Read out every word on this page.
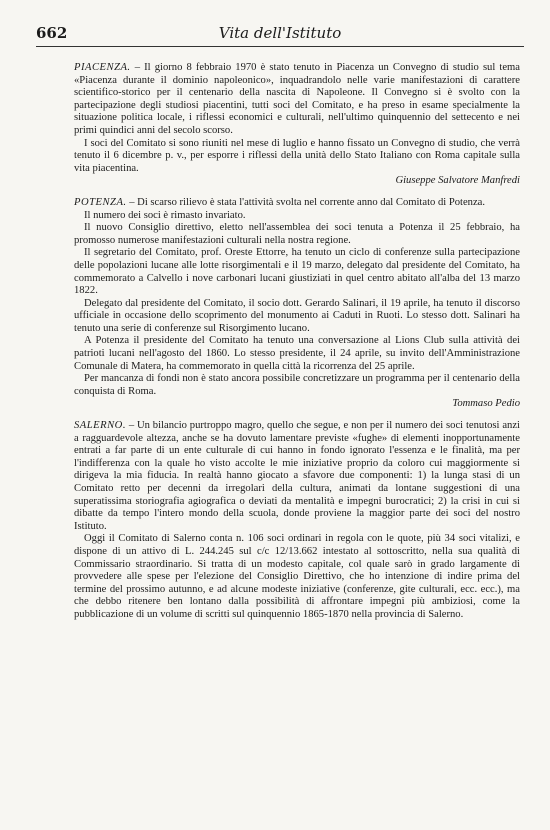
662	Vita dell'Istituto

PIACENZA. – Il giorno 8 febbraio 1970 è stato tenuto in Piacenza un Convegno di studio sul tema «Piacenza durante il dominio napoleonico», inquadrandolo nelle varie manifestazioni di carattere scientifico-storico per il centenario della nascita di Napoleone. Il Convegno si è svolto con la partecipazione degli studiosi piacentini, tutti soci del Comitato, e ha preso in esame specialmente la situazione politica locale, i riflessi economici e culturali, nell'ultimo quinquennio del settecento e nei primi quindici anni del secolo scorso.

I soci del Comitato si sono riuniti nel mese di luglio e hanno fissato un Convegno di studio, che verrà tenuto il 6 dicembre p. v., per esporre i riflessi della unità dello Stato Italiano con Roma capitale sulla vita piacentina.

Giuseppe Salvatore Manfredi

POTENZA. – Di scarso rilievo è stata l'attività svolta nel corrente anno dal Comitato di Potenza.

Il numero dei soci è rimasto invariato.

Il nuovo Consiglio direttivo, eletto nell'assemblea dei soci tenuta a Potenza il 25 febbraio, ha promosso numerose manifestazioni culturali nella nostra regione.

Il segretario del Comitato, prof. Oreste Ettorre, ha tenuto un ciclo di conferenze sulla partecipazione delle popolazioni lucane alle lotte risorgimentali e il 19 marzo, delegato dal presidente del Comitato, ha commemorato a Calvello i nove carbonari lucani giustiziati in quel centro abitato all'alba del 13 marzo 1822.

Delegato dal presidente del Comitato, il socio dott. Gerardo Salinari, il 19 aprile, ha tenuto il discorso ufficiale in occasione dello scoprimento del monumento ai Caduti in Ruoti. Lo stesso dott. Salinari ha tenuto una serie di conferenze sul Risorgimento lucano.

A Potenza il presidente del Comitato ha tenuto una conversazione al Lions Club sulla attività dei patrioti lucani nell'agosto del 1860. Lo stesso presidente, il 24 aprile, su invito dell'Amministrazione Comunale di Matera, ha commemorato in quella città la ricorrenza del 25 aprile.

Per mancanza di fondi non è stato ancora possibile concretizzare un programma per il centenario della conquista di Roma.

Tommaso Pedio

SALERNO. – Un bilancio purtroppo magro, quello che segue, e non per il numero dei soci tenutosi anzi a ragguardevole altezza, anche se ha dovuto lamentare previste «fughe» di elementi inopportunamente entrati a far parte di un ente culturale di cui hanno in fondo ignorato l'essenza e le finalità, ma per l'indifferenza con la quale ho visto accolte le mie iniziative proprio da coloro cui maggiormente si dirigeva la mia fiducia. In realtà hanno giocato a sfavore due componenti: 1) la lunga stasi di un Comitato retto per decenni da irregolari della cultura, animati da lontane suggestioni di una superatissima storiografia agiografica o deviati da mentalità e impegni burocratici; 2) la crisi in cui si dibatte da tempo l'intero mondo della scuola, donde proviene la maggior parte dei soci del nostro Istituto.

Oggi il Comitato di Salerno conta n. 106 soci ordinari in regola con le quote, più 34 soci vitalizi, e dispone di un attivo di L. 244.245 sul c/c 12/13.662 intestato al sottoscritto, nella sua qualità di Commissario straordinario. Si tratta di un modesto capitale, col quale sarò in grado largamente di provvedere alle spese per l'elezione del Consiglio Direttivo, che ho intenzione di indire prima del termine del prossimo autunno, e ad alcune modeste iniziative (conferenze, gite culturali, ecc. ecc.), ma che debbo ritenere ben lontano dalla possibilità di affrontare impegni più ambiziosi, come la pubblicazione di un volume di scritti sul quinquennio 1865-1870 nella provincia di Salerno.
